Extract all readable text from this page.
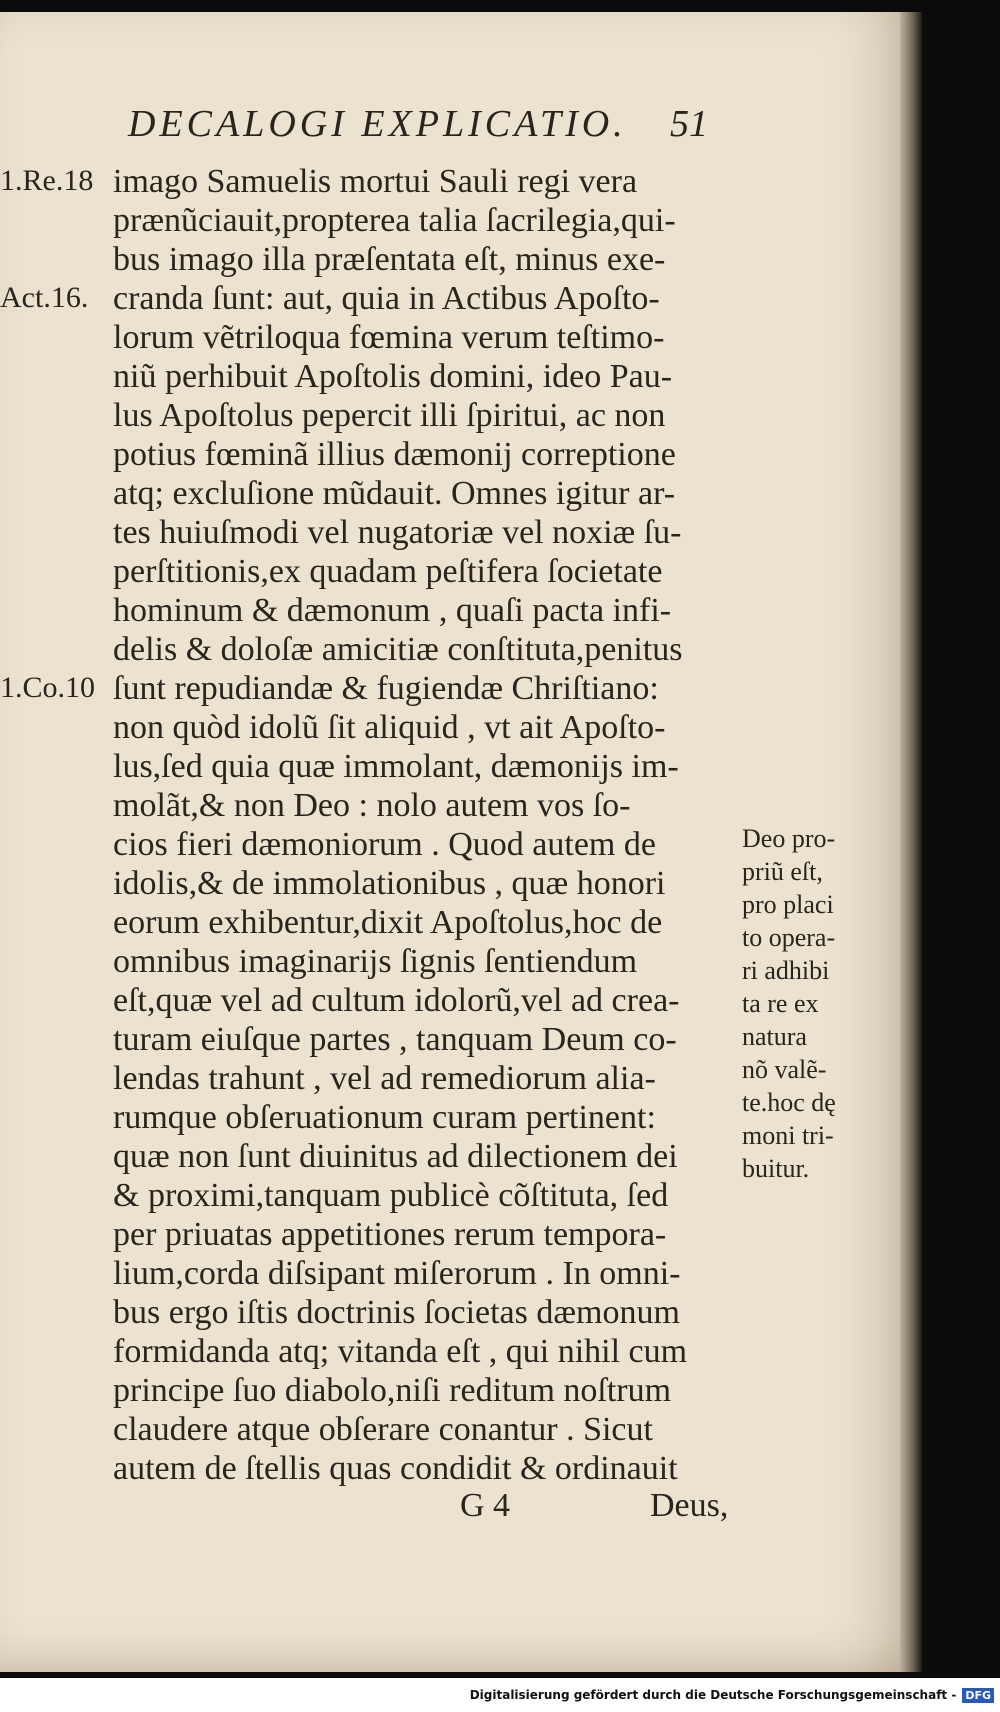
DECALOGI EXPLICATIO. 51
1.Re.18
Act.16.
1.Co.10
imago Samuelis mortui Sauli regi vera
prænũciauit,propterea talia ſacrilegia,qui-
bus imago illa præſentata eſt, minus exe-
cranda ſunt: aut, quia in Actibus Apoſto-
lorum vẽtriloqua fœmina verum teſtimo-
niũ perhibuit Apoſtolis domini, ideo Pau-
lus Apoſtolus pepercit illi ſpiritui, ac non
potius fœminã illius dæmonij correptione
atq; excluſione mũdauit. Omnes igitur ar-
tes huiuſmodi vel nugatoriæ vel noxiæ ſu-
perſtitionis,ex quadam peſtifera ſocietate
hominum & dæmonum , quaſi pacta infi-
delis & doloſæ amicitiæ conſtituta,penitus
ſunt repudiandæ & fugiendæ Chriſtiano:
non quòd idolũ ſit aliquid , vt ait Apoſto-
lus,ſed quia quæ immolant, dæmonijs im-
molãt,& non Deo : nolo autem vos ſo-
cios fieri dæmoniorum . Quod autem de
idolis,& de immolationibus , quæ honori
eorum exhibentur,dixit Apoſtolus,hoc de
omnibus imaginarijs ſignis ſentiendum
eſt,quæ vel ad cultum idolorũ,vel ad crea-
turam eiuſque partes , tanquam Deum co-
lendas trahunt , vel ad remediorum alia-
rumque obſeruationum curam pertinent:
quæ non ſunt diuinitus ad dilectionem dei
& proximi,tanquam publicè cõſtituta, ſed
per priuatas appetitiones rerum tempora-
lium,corda diſsipant miſerorum . In omni-
bus ergo iſtis doctrinis ſocietas dæmonum
formidanda atq; vitanda eſt , qui nihil cum
principe ſuo diabolo,niſi reditum noſtrum
claudere atque obſerare conantur . Sicut
autem de ſtellis quas condidit & ordinauit
Deo pro-
priũ eſt,
pro placi
to opera-
ri adhibi
ta re ex
natura
nõ valẽ-
te.hoc dę
moni tri-
buitur.
G 4	Deus,
Digitalisierung gefördert durch die Deutsche Forschungsgemeinschaft - DFG
